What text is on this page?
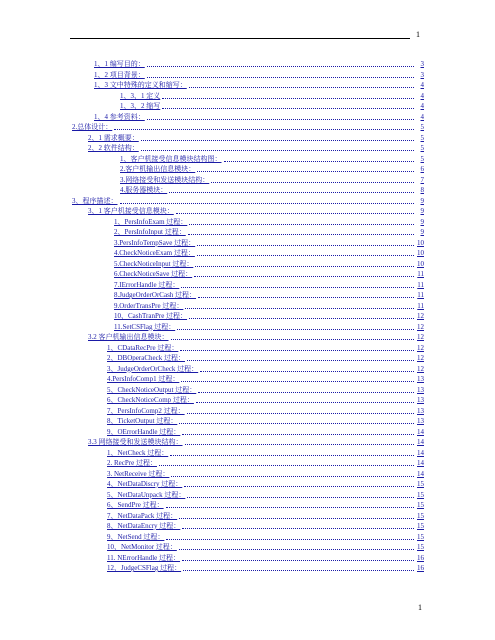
1
1、1 编写目的：	3
1、2 项目背景：	3
1、3 文中特殊的定义和缩写：	4
1、3、1 定义	4
1、3、2 缩写	4
1、4 参考资料：	4
2.总体设计：	5
2、1 需求概要：	5
2、2 软件结构：	5
1、客户机接受信息模块结构图：	5
2.客户机输出信息模块：	6
3.网络接受和发送模块结构：	7
4.服务器模块：	8
3、程序描述：	9
3、1 客户机接受信息模块：	9
1、PersInfoExam 过程：	9
2、PersInfoInput 过程：	9
3.PersInfoTempSave 过程：	10
4.CheckNoticeExam 过程：	10
5.CheckNoticeInput 过程：	10
6.CheckNoticeSave 过程：	11
7.IErrorHandle 过程：	11
8.JudgeOrderOrCash 过程：	11
9.OrderTransPre 过程：	11
10、CashTranPre 过程：	12
11.SetCSFlag 过程：	12
3.2 客户机输出信息模块：	12
1、CDataRecPre 过程：	12
2、DBOperaCheck 过程：	12
3、JudgeOrderOrCheck 过程：	12
4.PersInfoComp1 过程：	13
5、CheckNoticeOutput 过程：	13
6、CheckNoticeComp 过程：	13
7、PersInfoComp2 过程：	13
8、TicketOutput 过程：	13
9、OErrorHandle 过程：	14
3.3 网络接受和发送模块结构：	14
1、NetCheck 过程：	14
2. RecPre 过程：	14
3. NetReceive 过程：	14
4、NetDataDiscry 过程：	15
5、NetDataUnpack 过程：	15
6、SendPre 过程：	15
7、NetDataPack 过程：	15
8、NetDataEncry 过程：	15
9、NetSend 过程：	15
10、NetMonitor 过程：	15
11. NErrorHandle 过程：	16
12、JudgeCSFlag 过程：	16
1
